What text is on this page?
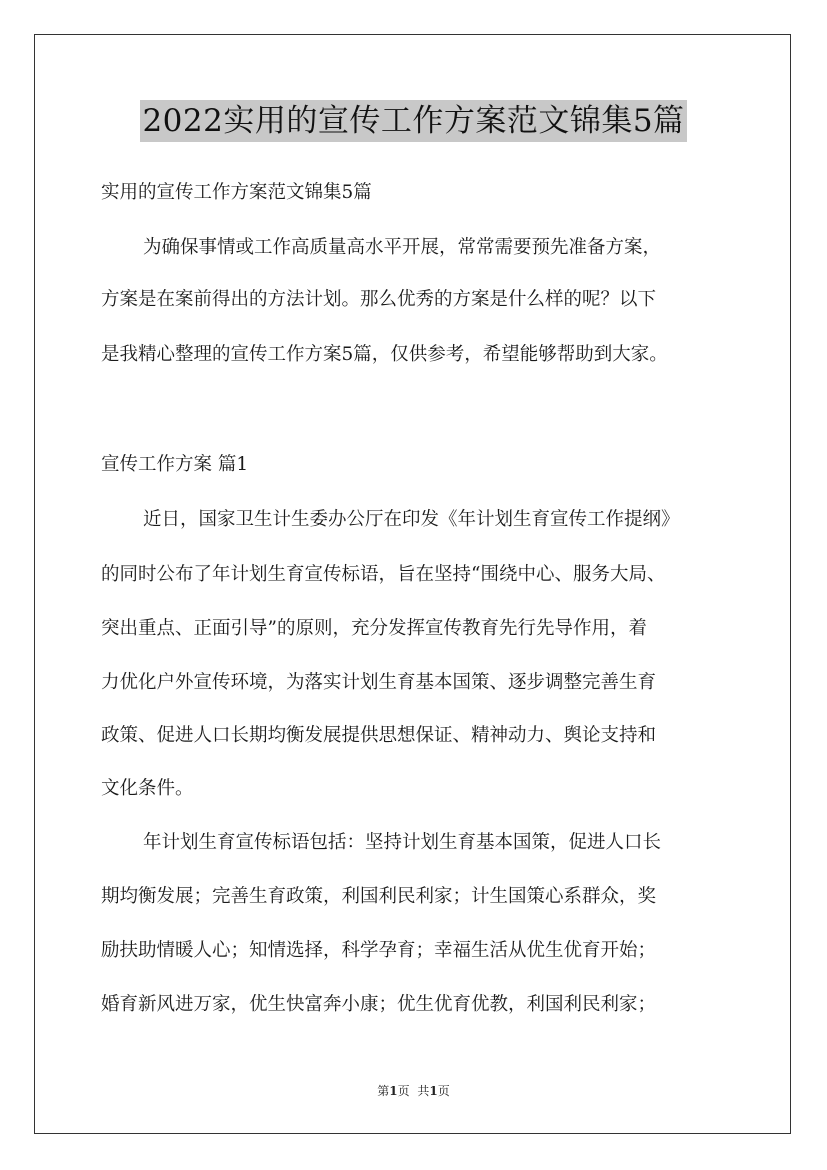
2022实用的宣传工作方案范文锦集5篇
实用的宣传工作方案范文锦集5篇
为确保事情或工作高质量高水平开展，常常需要预先准备方案，
方案是在案前得出的方法计划。那么优秀的方案是什么样的呢？以下
是我精心整理的宣传工作方案5篇，仅供参考，希望能够帮助到大家。
宣传工作方案 篇1
近日，国家卫生计生委办公厅在印发《年计划生育宣传工作提纲》
的同时公布了年计划生育宣传标语，旨在坚持“围绕中心、服务大局、
突出重点、正面引导”的原则，充分发挥宣传教育先行先导作用，着
力优化户外宣传环境，为落实计划生育基本国策、逐步调整完善生育
政策、促进人口长期均衡发展提供思想保证、精神动力、舆论支持和
文化条件。
年计划生育宣传标语包括：坚持计划生育基本国策，促进人口长
期均衡发展；完善生育政策，利国利民利家；计生国策心系群众，奖
励扶助情暖人心；知情选择，科学孕育；幸福生活从优生优育开始；
婚育新风进万家，优生快富奔小康；优生优育优教，利国利民利家；
第1页 共1页
